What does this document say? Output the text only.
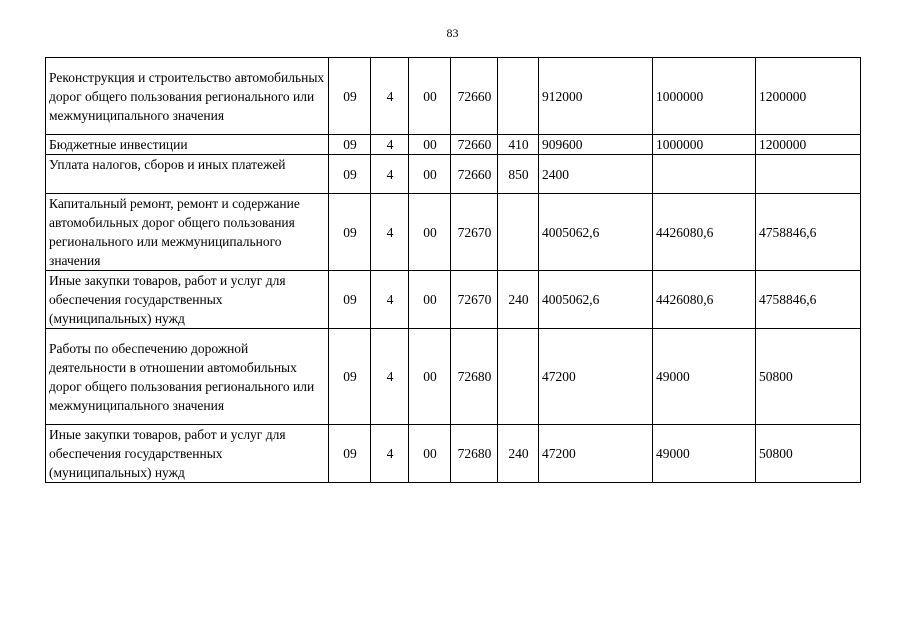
83
Реконструкция и строительство автомобильных дорог общего пользования регионального или межмуниципального значения	09	4	00	72660		912000	1000000	1200000
Бюджетные инвестиции	09	4	00	72660	410	909600	1000000	1200000
Уплата налогов, сборов и иных платежей	09	4	00	72660	850	2400		
Капитальный ремонт, ремонт и содержание автомобильных дорог общего пользования регионального или межмуниципального значения	09	4	00	72670		4005062,6	4426080,6	4758846,6
Иные закупки товаров, работ и услуг для обеспечения государственных (муниципальных) нужд	09	4	00	72670	240	4005062,6	4426080,6	4758846,6
Работы по обеспечению дорожной деятельности в отношении автомобильных дорог общего пользования регионального или межмуниципального значения	09	4	00	72680		47200	49000	50800
Иные закупки товаров, работ и услуг для обеспечения государственных (муниципальных) нужд	09	4	00	72680	240	47200	49000	50800
